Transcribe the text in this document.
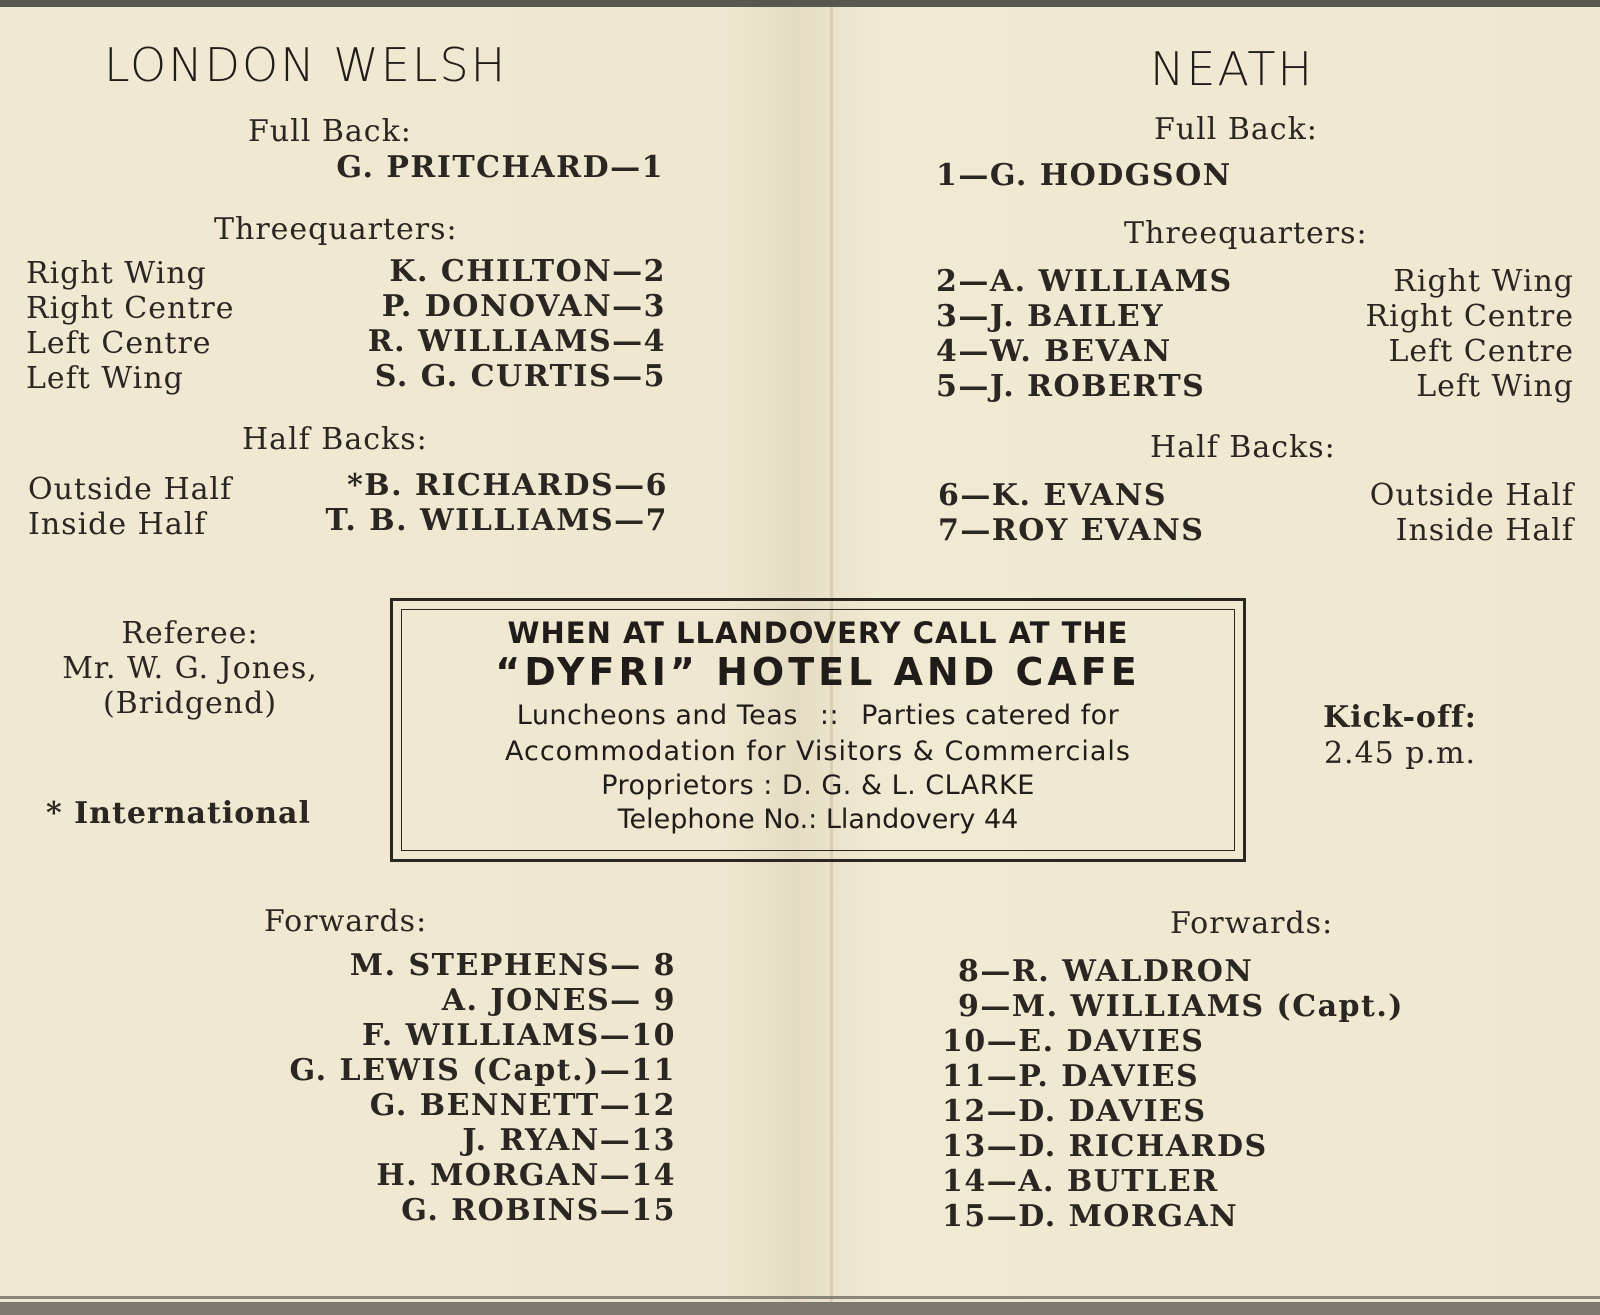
LONDON WELSH
Full Back:
G. PRITCHARD—1
Threequarters:
Right Wing	K. CHILTON—2
Right Centre	P. DONOVAN—3
Left Centre	R. WILLIAMS—4
Left Wing	S. G. CURTIS—5
Half Backs:
Outside Half	*B. RICHARDS—6
Inside Half	T. B. WILLIAMS—7
Referee:
Mr. W. G. Jones,
(Bridgend)
* International
Forwards:
M. STEPHENS— 8
A. JONES— 9
F. WILLIAMS—10
G. LEWIS (Capt.)—11
G. BENNETT—12
J. RYAN—13
H. MORGAN—14
G. ROBINS—15
NEATH
Full Back:
1—G. HODGSON
Threequarters:
2—A. WILLIAMS	Right Wing
3—J. BAILEY	Right Centre
4—W. BEVAN	Left Centre
5—J. ROBERTS	Left Wing
Half Backs:
6—K. EVANS	Outside Half
7—ROY EVANS	Inside Half
Kick-off:
2.45 p.m.
Forwards:
8—R. WALDRON
9—M. WILLIAMS (Capt.)
10—E. DAVIES
11—P. DAVIES
12—D. DAVIES
13—D. RICHARDS
14—A. BUTLER
15—D. MORGAN
WHEN AT LLANDOVERY CALL AT THE
“DYFRI” HOTEL AND CAFE
Luncheons and Teas :: Parties catered for
Accommodation for Visitors & Commercials
Proprietors : D. G. & L. CLARKE
Telephone No.: Llandovery 44
